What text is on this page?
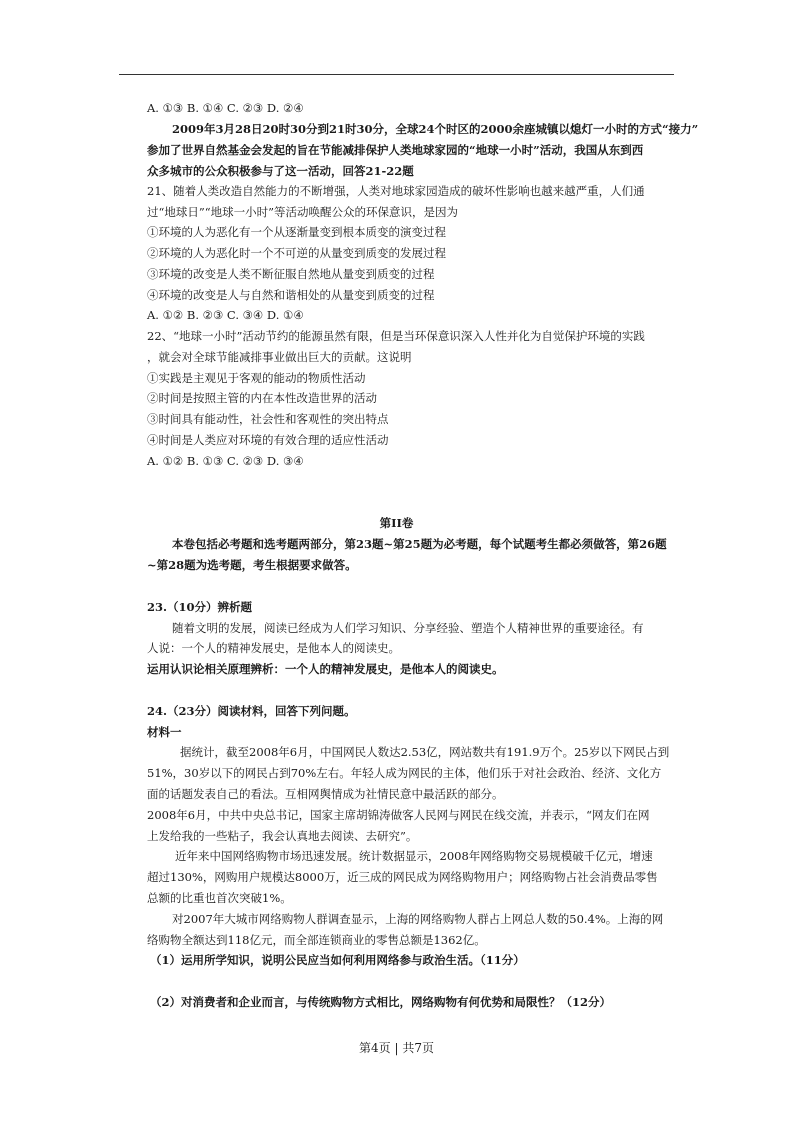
A. ①③ B. ①④ C. ②③ D. ②④
2009年3月28日20时30分到21时30分，全球24个时区的2000余座城镇以熄灯一小时的方式“接力”
参加了世界自然基金会发起的旨在节能减排保护人类地球家园的“地球一小时”活动，我国从东到西
众多城市的公众积极参与了这一活动，回答21-22题
21、随着人类改造自然能力的不断增强，人类对地球家园造成的破坏性影响也越来越严重，人们通
过“地球日”“地球一小时”等活动唤醒公众的环保意识，是因为
①环境的人为恶化有一个从逐渐量变到根本质变的演变过程
②环境的人为恶化时一个不可逆的从量变到质变的发展过程
③环境的改变是人类不断征服自然地从量变到质变的过程
④环境的改变是人与自然和谐相处的从量变到质变的过程
A. ①② B. ②③ C. ③④ D. ①④
22、“地球一小时”活动节约的能源虽然有限，但是当环保意识深入人性并化为自觉保护环境的实践
，就会对全球节能减排事业做出巨大的贡献。这说明
①实践是主观见于客观的能动的物质性活动
②时间是按照主管的内在本性改造世界的活动
③时间具有能动性，社会性和客观性的突出特点
④时间是人类应对环境的有效合理的适应性活动
A. ①② B. ①③ C. ②③ D. ③④
本卷包括必考题和选考题两部分，第23题~第25题为必考题，每个试题考生都必须做答，第26题
~第28题为选考题，考生根据要求做答。
23.（10分）辨析题
随着文明的发展，阅读已经成为人们学习知识、分享经验、塑造个人精神世界的重要途径。有
人说：一个人的精神发展史，是他本人的阅读史。
运用认识论相关原理辨析：一个人的精神发展史，是他本人的阅读史。
24.（23分）阅读材料，回答下列问题。
材料一
据统计，截至2008年6月，中国网民人数达2.53亿，网站数共有191.9万个。25岁以下网民占到
51%，30岁以下的网民占到70%左右。年轻人成为网民的主体，他们乐于对社会政治、经济、文化方
面的话题发表自己的看法。互相网舆情成为社情民意中最活跃的部分。
2008年6月，中共中央总书记，国家主席胡锦涛做客人民网与网民在线交流，并表示，“网友们在网
上发给我的一些粘子，我会认真地去阅读、去研究”。
近年来中国网络购物市场迅速发展。统计数据显示，2008年网络购物交易规模破千亿元，增速
超过130%，网购用户规模达8000万，近三成的网民成为网络购物用户；网络购物占社会消费品零售
总额的比重也首次突破1%。
对2007年大城市网络购物人群调查显示，上海的网络购物人群占上网总人数的50.4%。上海的网
络购物全额达到118亿元，而全部连锁商业的零售总额是1362亿。
（1）运用所学知识，说明公民应当如何利用网络参与政治生活。（11分）
（2）对消费者和企业而言，与传统购物方式相比，网络购物有何优势和局限性？（12分）
第II卷
第4页 | 共7页
